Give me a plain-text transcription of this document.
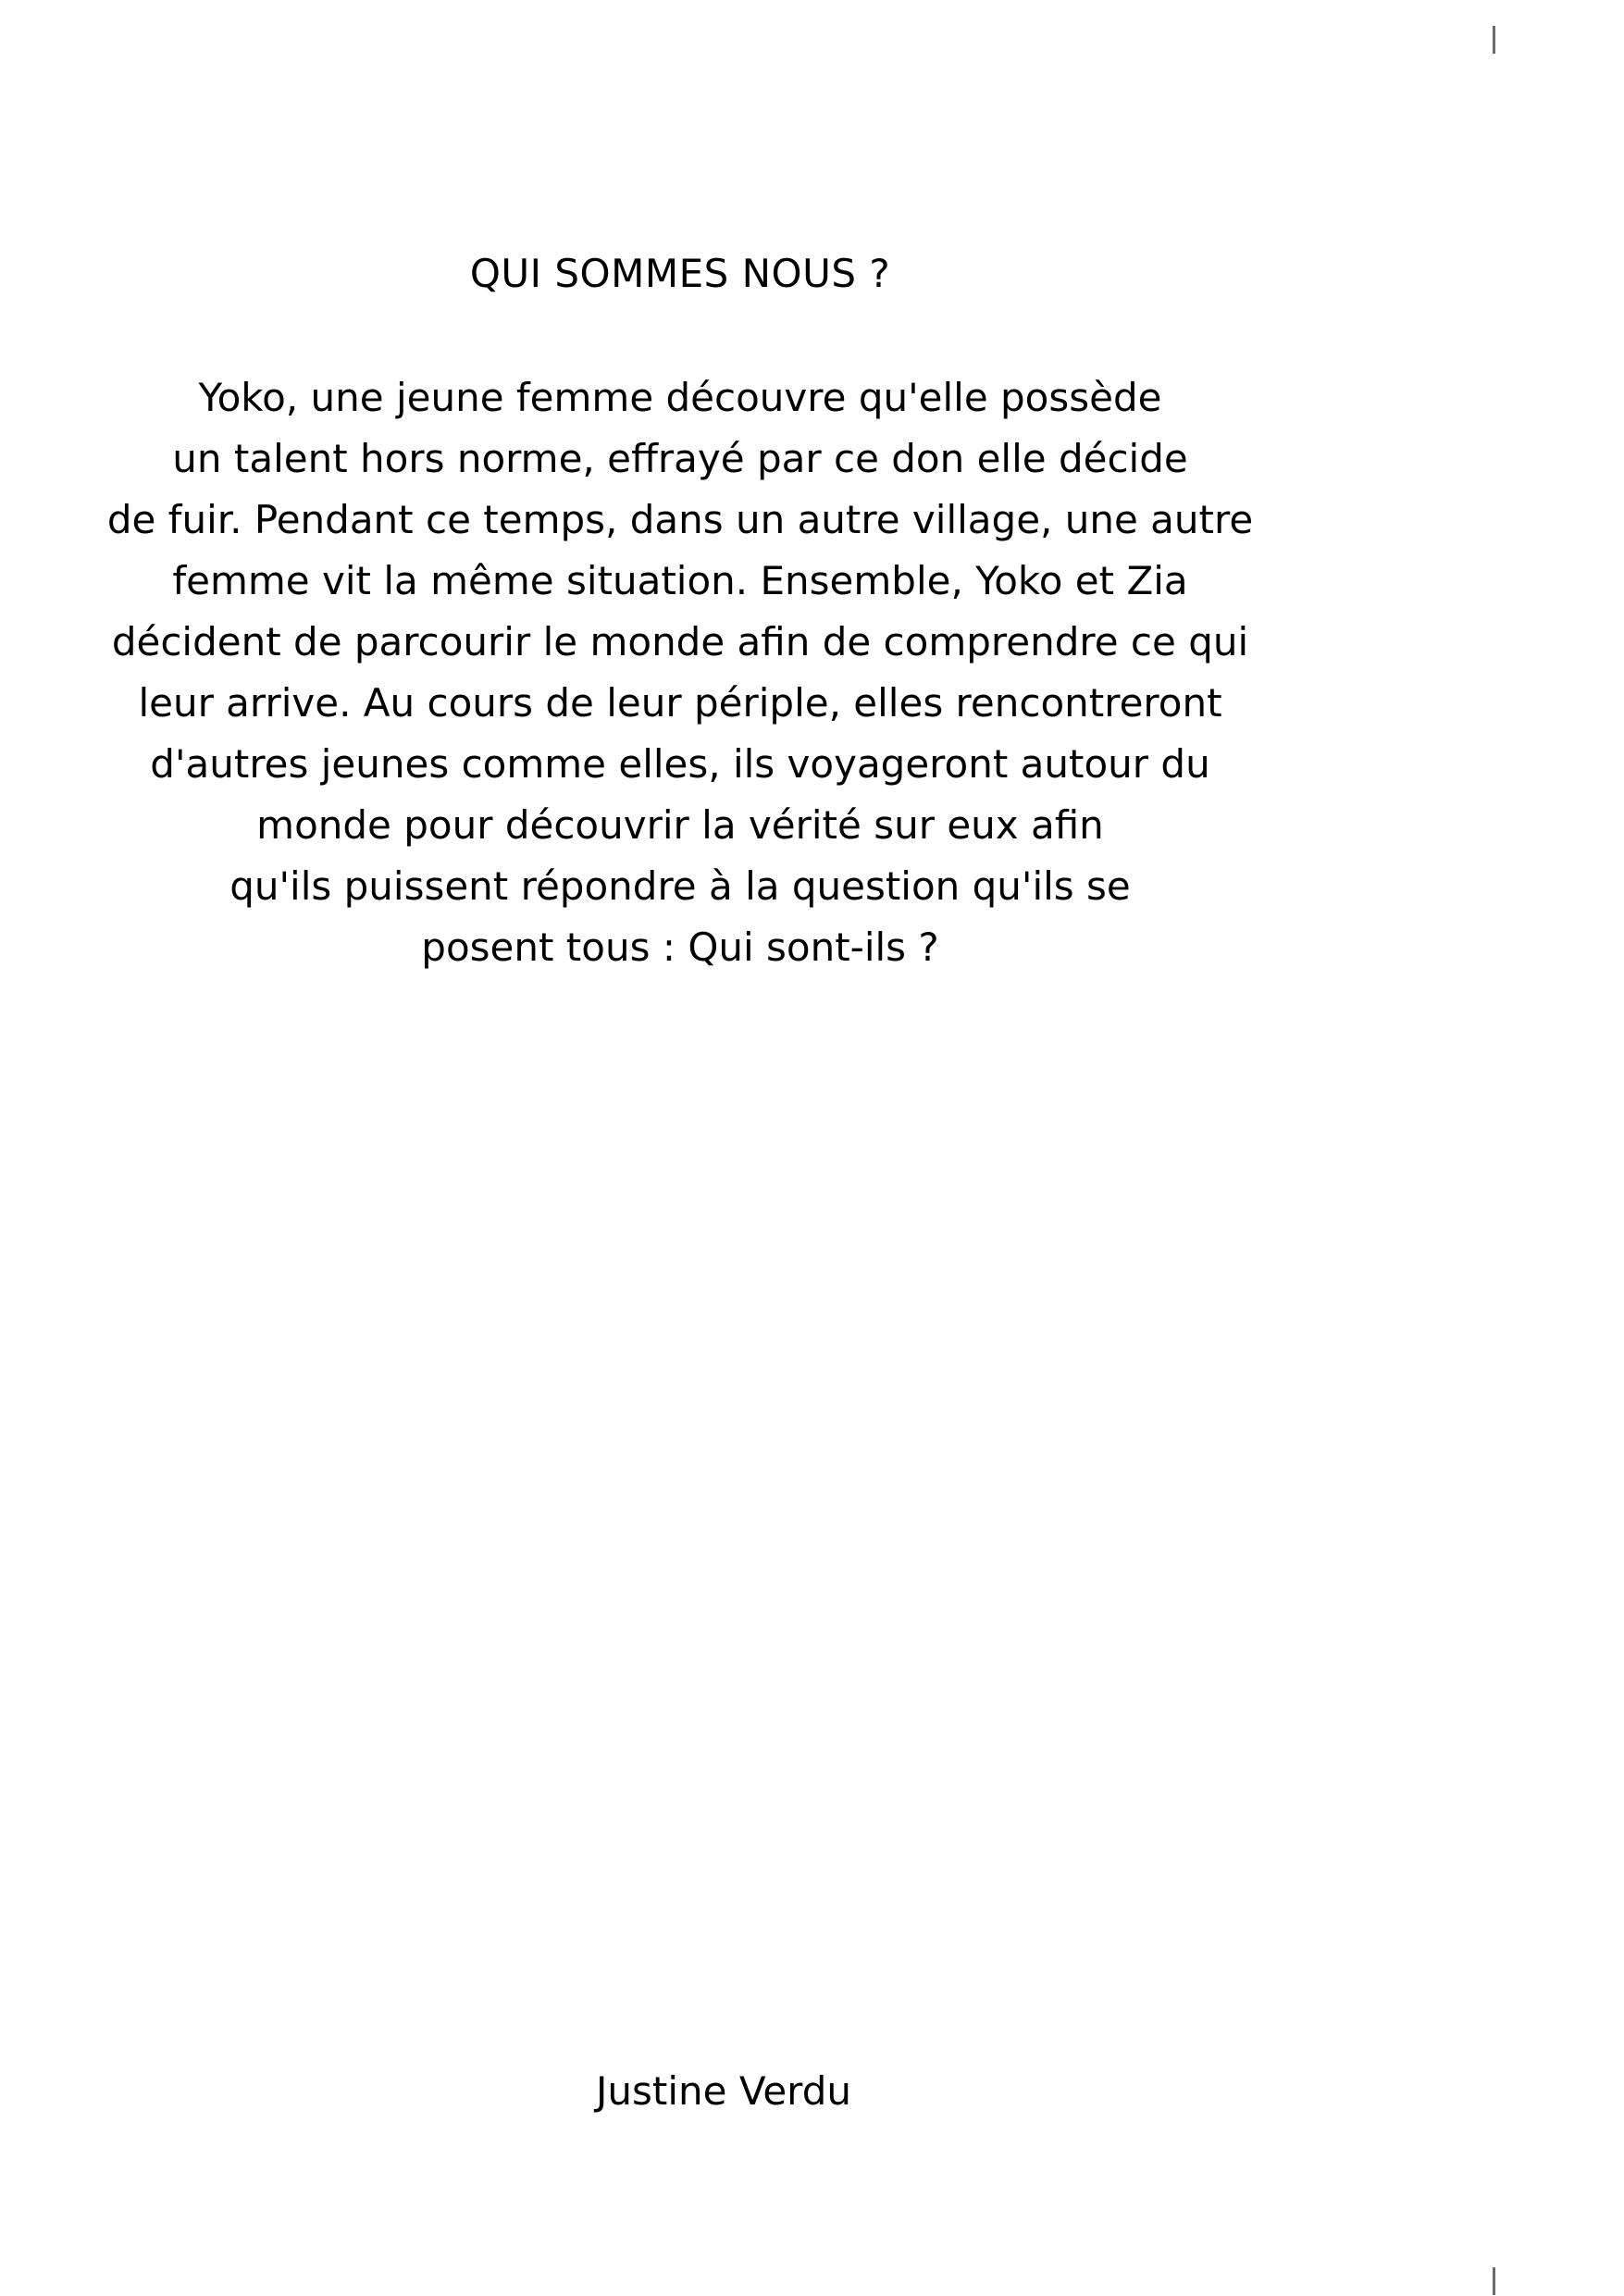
QUI SOMMES NOUS ?
Yoko, une jeune femme découvre qu'elle possède
un talent hors norme, effrayé par ce don elle décide
de fuir. Pendant ce temps, dans un autre village, une autre
femme vit la même situation. Ensemble, Yoko et Zia
décident de parcourir le monde afin de comprendre ce qui
leur arrive. Au cours de leur périple, elles rencontreront
d'autres jeunes comme elles, ils voyageront autour du
monde pour découvrir la vérité sur eux afin
qu'ils puissent répondre à la question qu'ils se
posent tous : Qui sont-ils ?
Justine Verdu
